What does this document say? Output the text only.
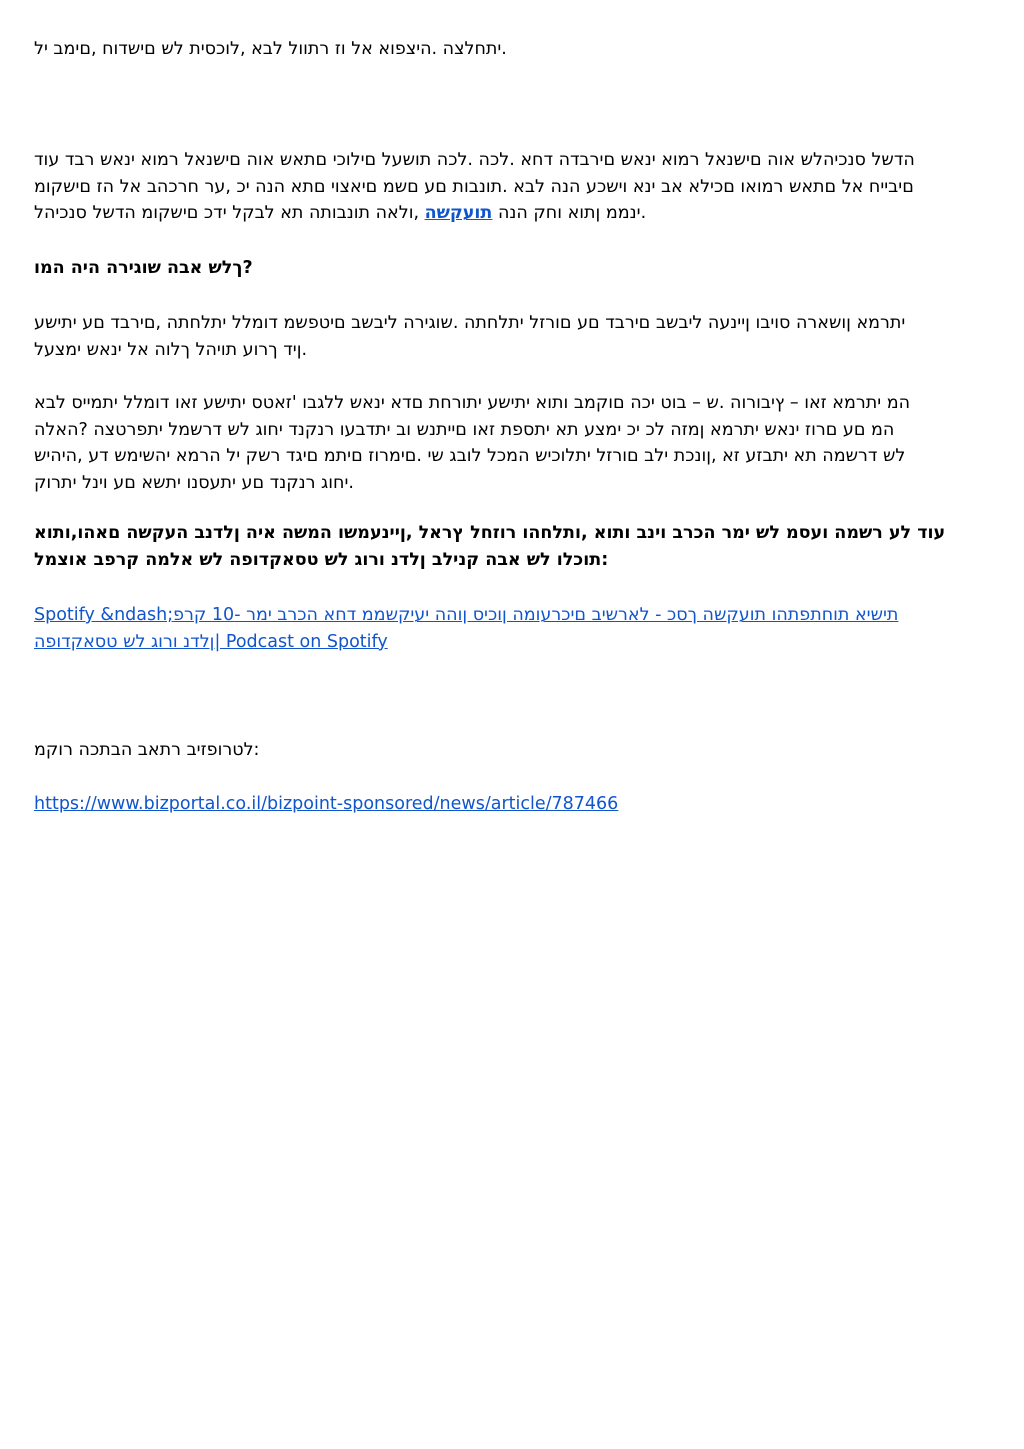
יתחלצה .היצפוא אל וז רתוול לבא ,לוכסית לש םישדוח ,םימב יל.

הדשל סנכיהלש אוה םישנאל רמוא ינאש םירבדה דחא .לכה .לכה תושעל םילוכי םתאש אוה םישנאל רמוא ינאש רבד עוד
םיבייח אל םתאש רמואו םכילא אב ינא וישכע הנה לבא .תונבות םע םשמ םיאצוי םתא הנה יכ ,ער חרכהב אל הז םישקומ
ינממ ןתוא וחק הנה תועקשה ,ולאה תונבותה תא לבקל ידכ םישקומ הדשל סנכיהל.

ךלש אבה שוגירה היה המו?

יתרמא ןושארה סויבו ןיינעה ליבשב םירבד םע םורזל יתלחתה .שוגירה ליבשב םיטפשמ דומלל יתלחתה ,םירבד םע יתישע
ןיד ךרוע תויהל ךלוה אל ינאש ימצעל.

המ יתרמא זאו – ץיבורוה .ש – בוט יכה םוקמב ותוא יתישע יתורחת םדא ינאש ללגבו 'זאטס יתישע זאו דומלל יתמייס לבא
המ םע םרוז ינאש יתרמא ןמזה לכ יכ ימצע תא יתספת זאו םייתנש וב יתדבעו רנקנד יחוג לש דרשמל יתפרטצה ?האלה
לש דרשמה תא יתבזע זא ,ןונכת ילב םורזל יתלוכיש המכל לובג שי .םימרוז םיתמ םיגד רשק יל הרמא יהשימש דע ,היהיש
יחוג רנקנד םע יתעסנו יתשא םע וינל יתרוק.

עוד לע רשמה ועסמ לש ימר הכרב וינב ותוא ,ותלחהו רוזחל ץראל ,ןיינעמשו המשה איה ןלדנב העקשה םאהו,ותוא
תוכלו לש אבה קנילב ןלדנ ורוג לש טסאקדופה לש אלמה קרפב אוצמל:

Spotify &ndash;תישיא תוחתפתהו תועקשה ךסכ - לארשיב םיכרעומה ןוכיס ןוהה יעיקשממ דחא הכרב ימר -10 קרפ
ןלדנ ורוג לש טסאקדופה| Podcast on Spotify

לטרופזיב רתאב הבתכה רוקמ:

https://www.bizportal.co.il/bizpoint-sponsored/news/article/787466
